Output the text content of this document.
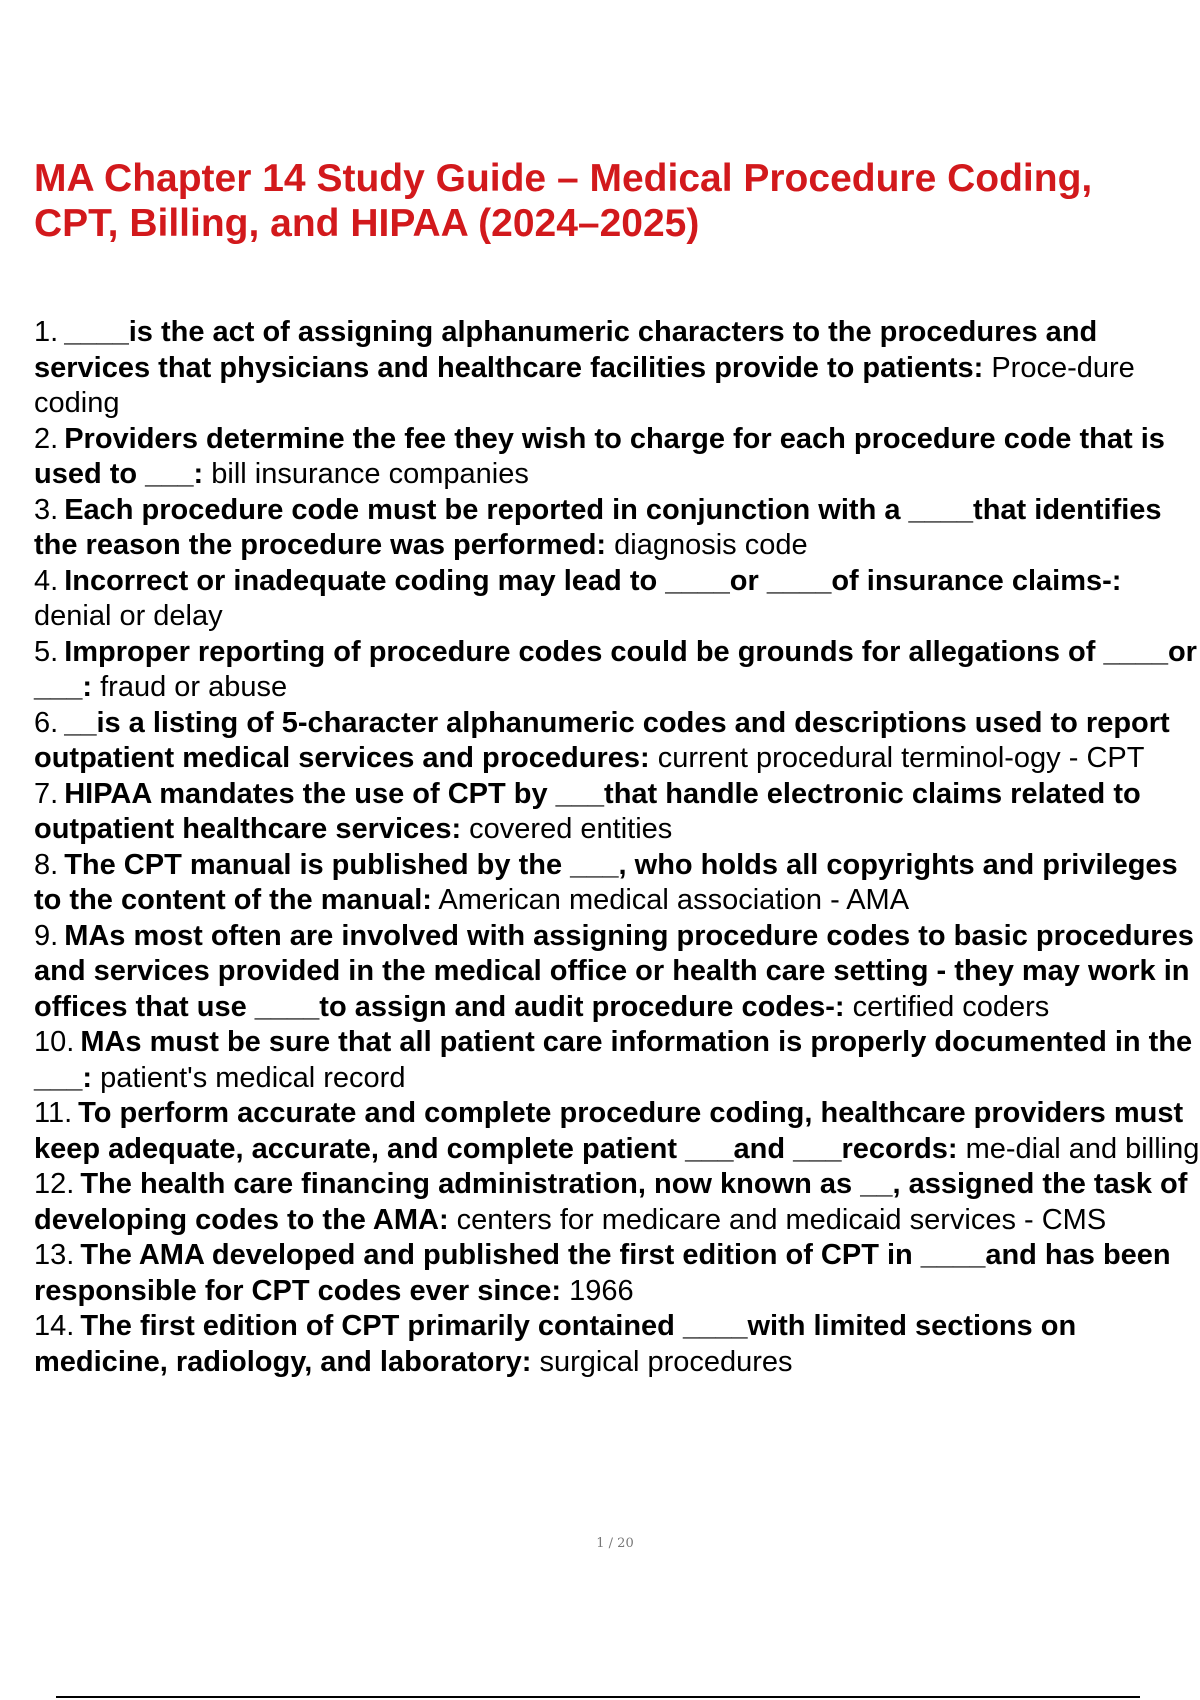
MA Chapter 14 Study Guide – Medical Procedure Coding, CPT, Billing, and HIPAA (2024–2025)
1. ____is the act of assigning alphanumeric characters to the procedures and services that physicians and healthcare facilities provide to patients: Proce-dure coding
2. Providers determine the fee they wish to charge for each procedure code that is used to ___: bill insurance companies
3. Each procedure code must be reported in conjunction with a ____that identifies the reason the procedure was performed: diagnosis code
4. Incorrect or inadequate coding may lead to ____or ____of insurance claims-: denial or delay
5. Improper reporting of procedure codes could be grounds for allegations of ____or ___: fraud or abuse
6. __is a listing of 5-character alphanumeric codes and descriptions used to report outpatient medical services and procedures: current procedural terminol-ogy - CPT
7. HIPAA mandates the use of CPT by ___that handle electronic claims related to outpatient healthcare services: covered entities
8. The CPT manual is published by the ___, who holds all copyrights and privileges to the content of the manual: American medical association - AMA
9. MAs most often are involved with assigning procedure codes to basic procedures and services provided in the medical office or health care setting - they may work in offices that use ____to assign and audit procedure codes-: certified coders
10. MAs must be sure that all patient care information is properly documented in the ___: patient's medical record
11. To perform accurate and complete procedure coding, healthcare providers must keep adequate, accurate, and complete patient ___and ___records: me-dial and billing
12. The health care financing administration, now known as __, assigned the task of developing codes to the AMA: centers for medicare and medicaid services - CMS
13. The AMA developed and published the first edition of CPT in ____and has been responsible for CPT codes ever since: 1966
14. The first edition of CPT primarily contained ____with limited sections on medicine, radiology, and laboratory: surgical procedures
1 / 20
